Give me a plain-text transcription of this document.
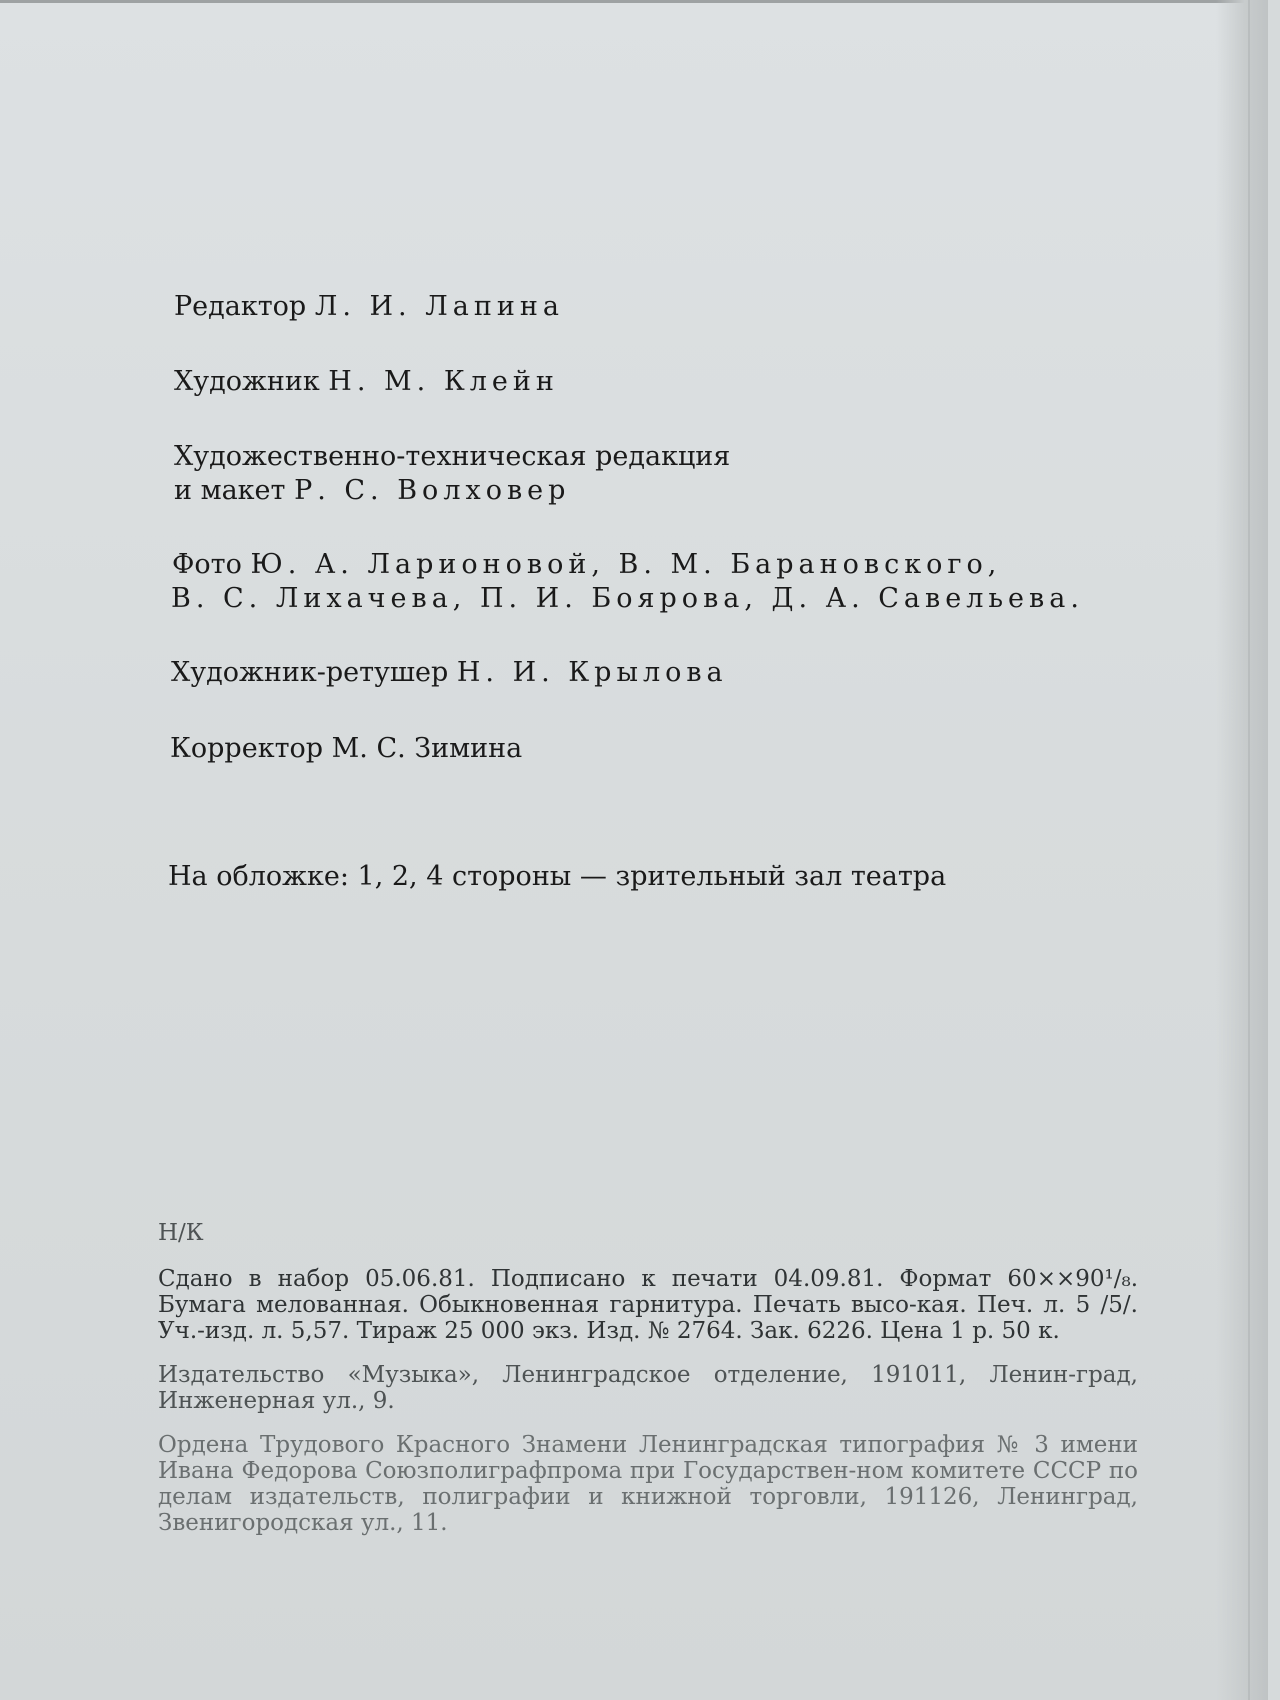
Редактор Л. И. Лапина
Художник Н. М. Клейн
Художественно-техническая редакция
и макет Р. С. Волховер
Фото Ю. А. Ларионовой, В. М. Барановского,
В. С. Лихачева, П. И. Боярова, Д. А. Савельева.
Художник-ретушер Н. И. Крылова
Корректор М. С. Зимина
На обложке: 1, 2, 4 стороны — зрительный зал театра
Н/К
Сдано в набор 05.06.81. Подписано к печати 04.09.81. Формат 60×​×90¹/₈. Бумага мелованная. Обыкновенная гарнитура. Печать высо-​кая. Печ. л. 5 /5/. Уч.-изд. л. 5,57. Тираж 25 000 экз. Изд. № 2764. Зак. 6226. Цена 1 р. 50 к.
Издательство «Музыка», Ленинградское отделение, 191011, Ленин-​град, Инженерная ул., 9.
Ордена Трудового Красного Знамени Ленинградская типография № 3 имени Ивана Федорова Союзполиграфпрома при Государствен-​ном комитете СССР по делам издательств, полиграфии и книжной торговли, 191126, Ленинград, Звенигородская ул., 11.
